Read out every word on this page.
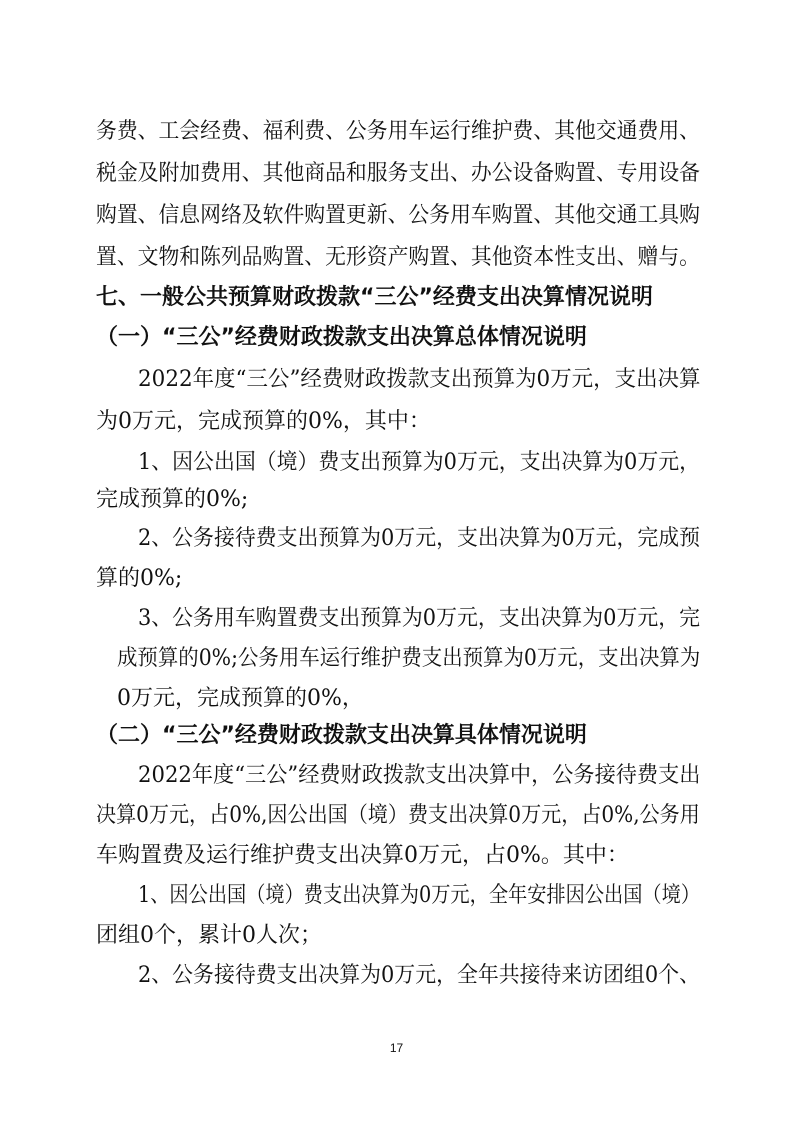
务费、工会经费、福利费、公务用车运行维护费、其他交通费用、
税金及附加费用、其他商品和服务支出、办公设备购置、专用设备
购置、信息网络及软件购置更新、公务用车购置、其他交通工具购
置、文物和陈列品购置、无形资产购置、其他资本性支出、赠与。
七、一般公共预算财政拨款“三公”经费支出决算情况说明
（一）“三公”经费财政拨款支出决算总体情况说明
2022年度“三公”经费财政拨款支出预算为0万元，支出决算
为0万元，完成预算的0%，其中：
1、因公出国（境）费支出预算为0万元，支出决算为0万元，
完成预算的0%;
2、公务接待费支出预算为0万元，支出决算为0万元，完成预
算的0%;
3、公务用车购置费支出预算为0万元，支出决算为0万元，完
成预算的0%;公务用车运行维护费支出预算为0万元，支出决算为
0万元，完成预算的0%，
（二）“三公”经费财政拨款支出决算具体情况说明
2022年度“三公”经费财政拨款支出决算中，公务接待费支出
决算0万元，占0%,因公出国（境）费支出决算0万元，占0%,公务用
车购置费及运行维护费支出决算0万元，占0%。其中：
1、因公出国（境）费支出决算为0万元，全年安排因公出国（境）
团组0个，累计0人次；
2、公务接待费支出决算为0万元，全年共接待来访团组0个、
17
